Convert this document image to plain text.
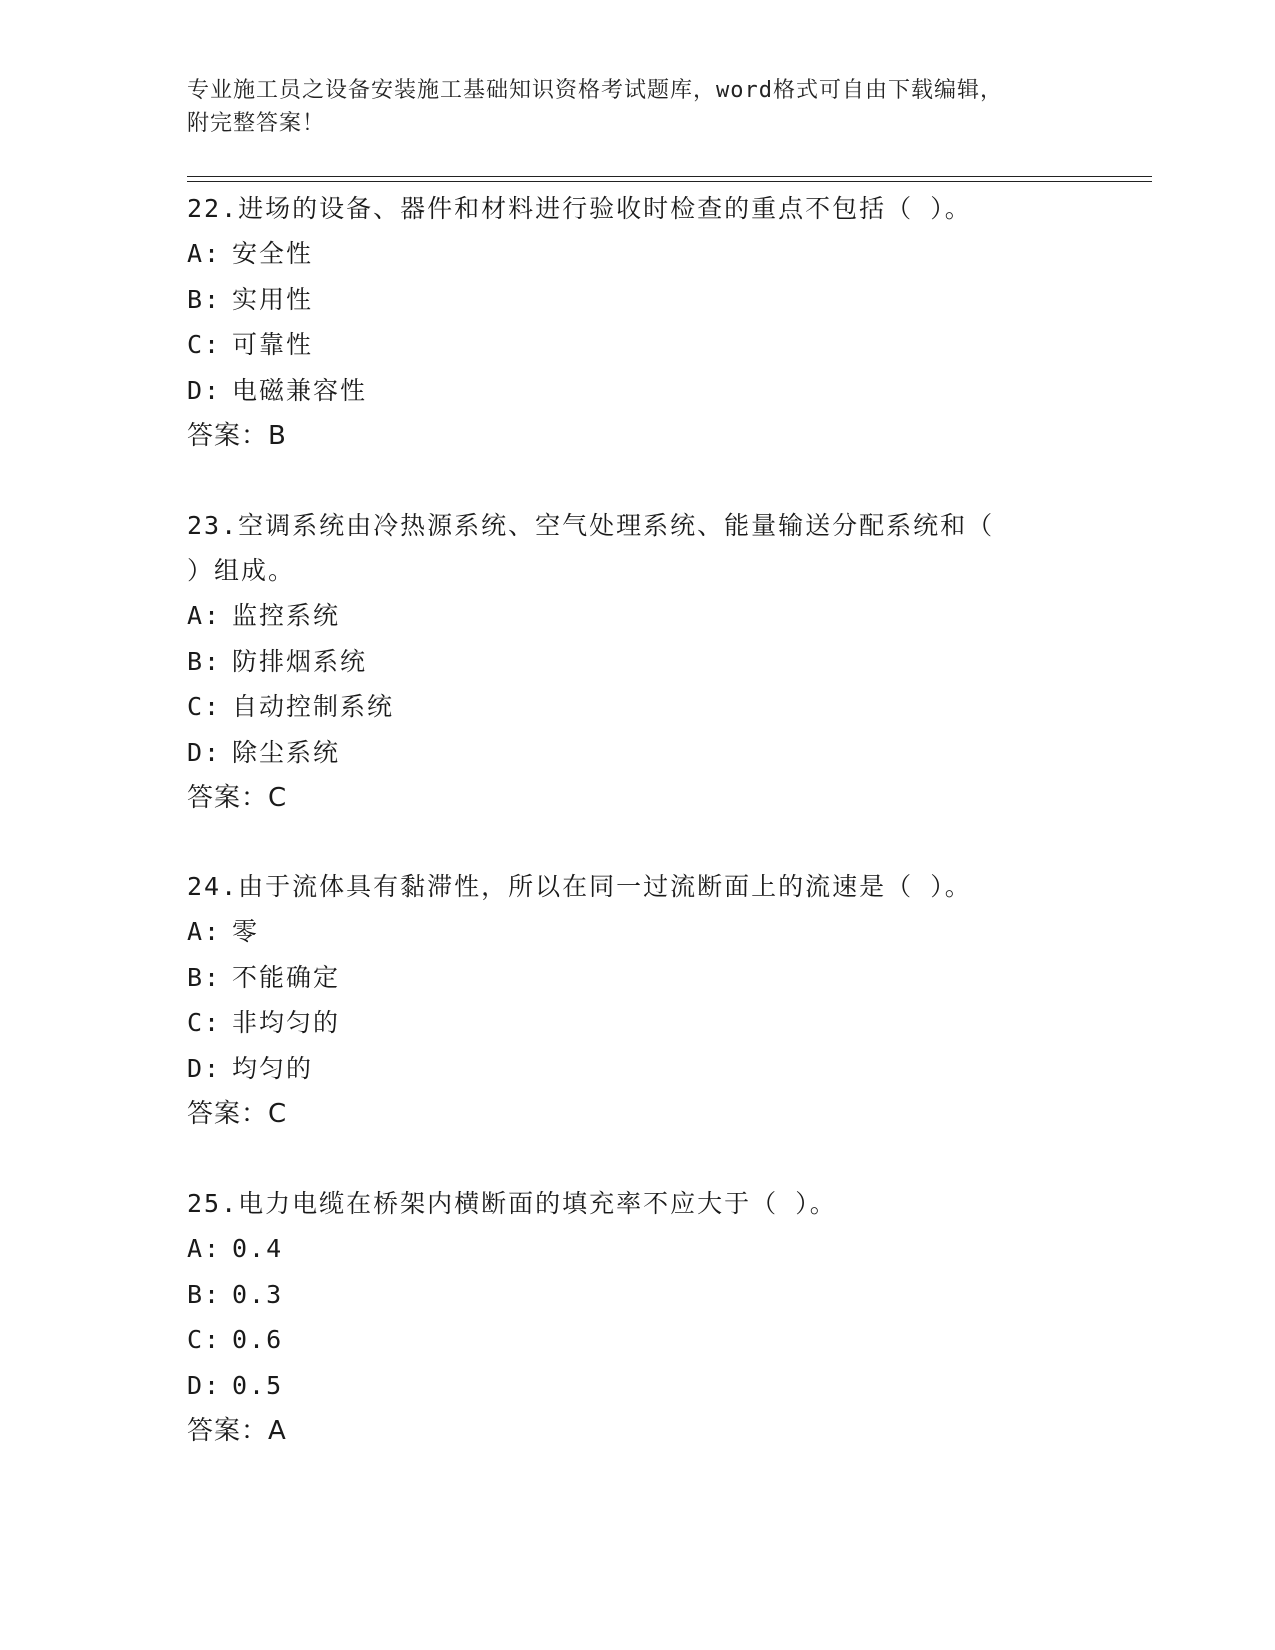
专业施工员之设备安装施工基础知识资格考试题库，word格式可自由下载编辑，
附完整答案！
22.进场的设备、器件和材料进行验收时检查的重点不包括（ ）。
A: 安全性
B: 实用性
C: 可靠性
D: 电磁兼容性
答案：B
23.空调系统由冷热源系统、空气处理系统、能量输送分配系统和（
）组成。
A: 监控系统
B: 防排烟系统
C: 自动控制系统
D: 除尘系统
答案：C
24.由于流体具有黏滞性，所以在同一过流断面上的流速是（ ）。
A: 零
B: 不能确定
C: 非均匀的
D: 均匀的
答案：C
25.电力电缆在桥架内横断面的填充率不应大于（ ）。
A: 0.4
B: 0.3
C: 0.6
D: 0.5
答案：A
